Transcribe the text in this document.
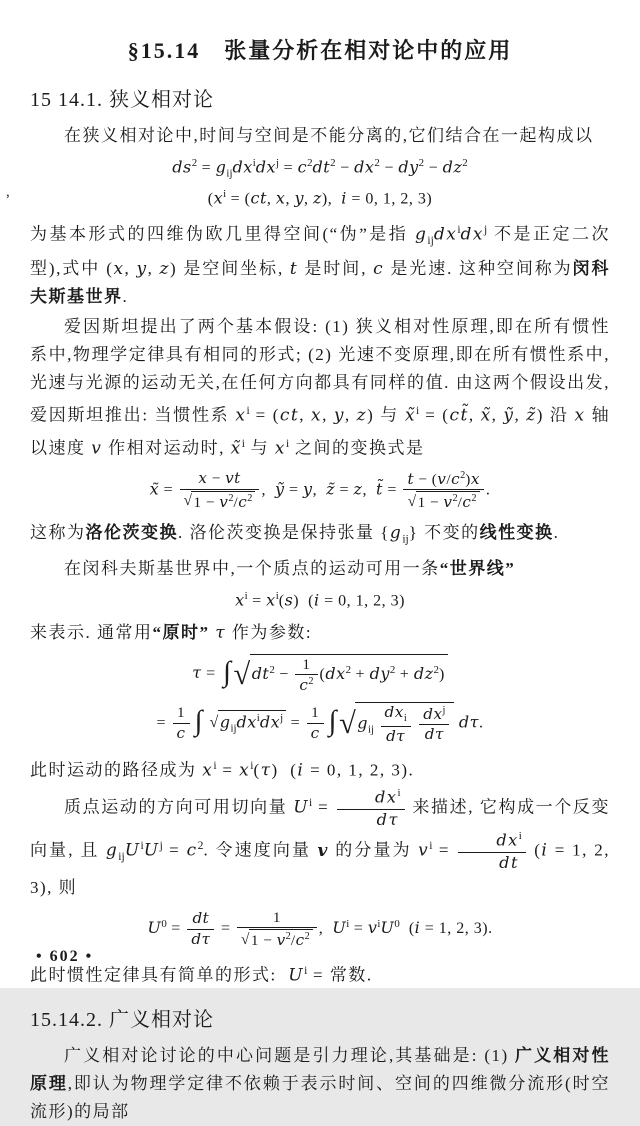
§15.14　张量分析在相对论中的应用
15 14.1. 狭义相对论

在狭义相对论中,时间与空间是不能分离的,它们结合在一起构成以

$ds^2 = g_{ij}dx^idx^j = c^2dt^2 - dx^2 - dy^2 - dz^2$
($x^i = (ct$, x, y, z),  i = 0, 1, 2, 3)

为基本形式的四维伪欧几里得空间(“伪”是指 $g_{ij}dx^idx^j$ 不是正定二次型),式中 (x, y, z) 是空间坐标, t 是时间, c 是光速. 这种空间称为闵科夫斯基世界.

爱因斯坦提出了两个基本假设: (1) 狭义相对性原理,即在所有惯性系中,物理学定律具有相同的形式; (2) 光速不变原理,即在所有惯性系中,光速与光源的运动无关,在任何方向都具有同样的值. 由这两个假设出发,爱因斯坦推出: 当惯性系 $x^i = (ct$, x, y, z) 与 x̃$^i$ = (ct̃, x̃, ỹ, z̃) 沿 x 轴以速度 v 作相对运动时, x̃$^i$ 与 $x^i$ 之间的变换式是

x̃ = $\frac{x - vt}{√1 - v^2/c^2}$ ,  ỹ = y,  z̃ = z,  t̃ = $\frac{t - (v/c^2)x}{√1 - v^2/c^2}$ .

这称为洛伦茨变换. 洛伦茨变换是保持张量 $\{g_{ij}\}$ 不变的线性变换.

在闵科夫斯基世界中,一个质点的运动可用一条“世界线”

$x^i = x^i(s) (i = 0$, 1, 2, 3)

来表示. 通常用“原时” τ 作为参数:

$\tau = \int√dt^2 - \frac{1}{c^2} (dx^2 + dy^2 + dz^2)$
= $\frac{1}{c}$ ∫ $√g_{ij}dx^idx^j = \frac{1}{c} \int√g_{ij} \frac{dx_i}{d\tau}$
$\frac{dx^j}{d\tau} d\tau$.

此时运动的路径成为 $x^i = x^i(\tau) (i = 0$, 1, 2, 3).

质点运动的方向可用切向量 $U^i = \frac{dx^i}{d\tau}$ 来描述, 它构成一个反变向量, 且 $g_{ij}U^iU^j = c^2$. 令速度向量 v 的分量为 $v^i = \frac{dx^i}{dt} (i = 1$, 2, 3), 则

$U^0 = \frac{dt}{d\tau} = \frac{1}{√1 - v^2/c^2}$ ,  $U^i = v^iU^0$  (i = 1, 2, 3).

此时惯性定律具有简单的形式:  $U^i$ = 常数.

15.14.2. 广义相对论

广义相对论讨论的中心问题是引力理论,其基础是: (1) 广义相对性原理,即认为物理学定律不依赖于表示时间、空间的四维微分流形(时空流形)的局部

• 602 •
,
